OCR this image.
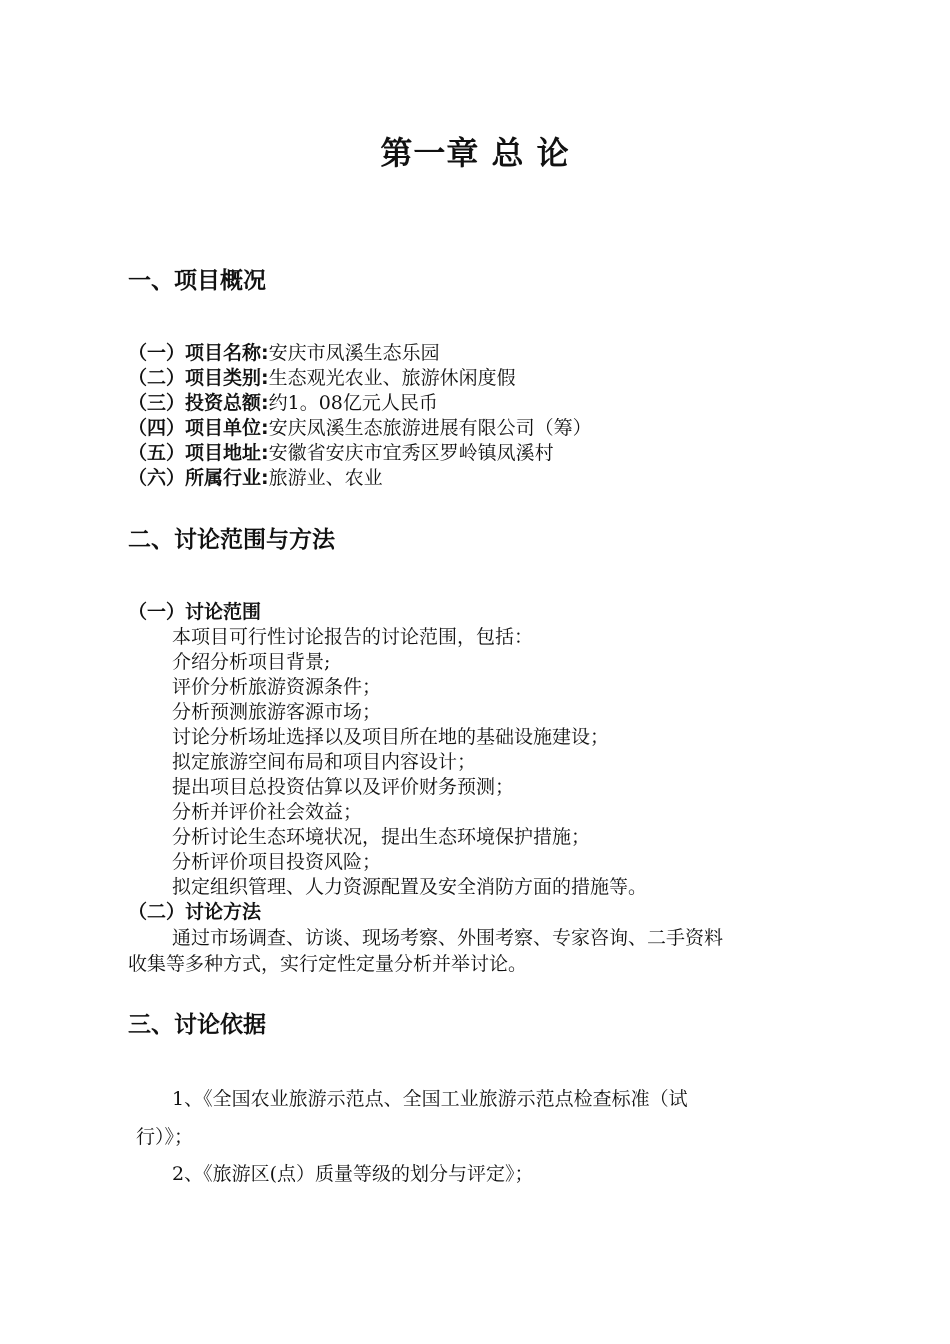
第一章 总 论
一、项目概况
（一）项目名称:安庆市凤溪生态乐园
（二）项目类别:生态观光农业、旅游休闲度假
（三）投资总额:约1。08亿元人民币
（四）项目单位:安庆凤溪生态旅游进展有限公司（筹）
（五）项目地址:安徽省安庆市宜秀区罗岭镇凤溪村
（六）所属行业:旅游业、农业
二、讨论范围与方法
（一）讨论范围
本项目可行性讨论报告的讨论范围，包括：
介绍分析项目背景;
评价分析旅游资源条件；
分析预测旅游客源市场；
讨论分析场址选择以及项目所在地的基础设施建设；
拟定旅游空间布局和项目内容设计；
提出项目总投资估算以及评价财务预测；
分析并评价社会效益；
分析讨论生态环境状况，提出生态环境保护措施；
分析评价项目投资风险；
拟定组织管理、人力资源配置及安全消防方面的措施等。
（二）讨论方法
通过市场调查、访谈、现场考察、外围考察、专家咨询、二手资料
收集等多种方式，实行定性定量分析并举讨论。
三、讨论依据
1、《全国农业旅游示范点、全国工业旅游示范点检查标准（试
行）》；
2、《旅游区(点）质量等级的划分与评定》；
